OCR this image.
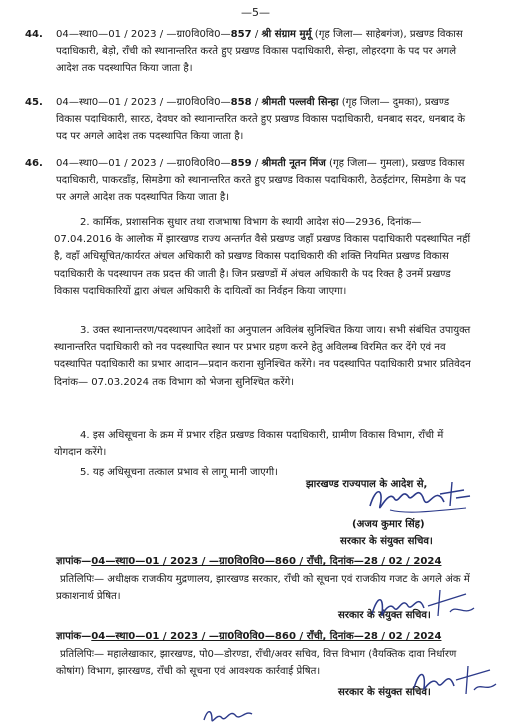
—5—
44. 04—स्था0—01 / 2023 / —ग्रा0वि0वि0—857 / श्री संग्राम मुर्मू (गृह जिला— साहेबगंज), प्रखण्ड विकास पदाधिकारी, बेड़ो, राँची को स्थानान्तरित करते हुए प्रखण्ड विकास पदाधिकारी, सेन्हा, लोहरदगा के पद पर अगले आदेश तक पदस्थापित किया जाता है।
45. 04—स्था0—01 / 2023 / —ग्रा0वि0वि0—858 / श्रीमती पल्लवी सिन्हा (गृह जिला— दुमका), प्रखण्ड विकास पदाधिकारी, सारठ, देवघर को स्थानान्तरित करते हुए प्रखण्ड विकास पदाधिकारी, धनबाद सदर, धनबाद के पद पर अगले आदेश तक पदस्थापित किया जाता है।
46. 04—स्था0—01 / 2023 / —ग्रा0वि0वि0—859 / श्रीमती नूतन मिंज (गृह जिला— गुमला), प्रखण्ड विकास पदाधिकारी, पाकरडाँड़, सिमडेगा को स्थानान्तरित करते हुए प्रखण्ड विकास पदाधिकारी, ठेठईटांगर, सिमडेगा के पद पर अगले आदेश तक पदस्थापित किया जाता है।
2. कार्मिक, प्रशासनिक सुधार तथा राजभाषा विभाग के स्थायी आदेश सं0—2936, दिनांक—07.04.2016 के आलोक में झारखण्ड राज्य अन्तर्गत वैसे प्रखण्ड जहाँ प्रखण्ड विकास पदाधिकारी पदस्थापित नहीं है, वहाँ अधिसूचित/कार्यरत अंचल अधिकारी को प्रखण्ड विकास पदाधिकारी की शक्ति नियमित प्रखण्ड विकास पदाधिकारी के पदस्थापन तक प्रदत्त की जाती है। जिन प्रखण्डों में अंचल अधिकारी के पद रिक्त है उनमें प्रखण्ड विकास पदाधिकारियों द्वारा अंचल अधिकारी के दायित्वों का निर्वहन किया जाएगा।
3. उक्त स्थानान्तरण/पदस्थापन आदेशों का अनुपालन अविलंब सुनिश्चित किया जाय। सभी संबंधित उपायुक्त स्थानान्तरित पदाधिकारी को नव पदस्थापित स्थान पर प्रभार ग्रहण करने हेतु अविलम्ब विरमित कर देंगे एवं नव पदस्थापित पदाधिकारी का प्रभार आदान—प्रदान कराना सुनिश्चित करेंगे। नव पदस्थापित पदाधिकारी प्रभार प्रतिवेदन दिनांक— 07.03.2024 तक विभाग को भेजना सुनिश्चित करेंगे।
4. इस अधिसूचना के क्रम में प्रभार रहित प्रखण्ड विकास पदाधिकारी, ग्रामीण विकास विभाग, राँची में योगदान करेंगे।
5. यह अधिसूचना तत्काल प्रभाव से लागू मानी जाएगी।
झारखण्ड राज्यपाल के आदेश से,
(अजय कुमार सिंह)
सरकार के संयुक्त सचिव।
ज्ञापांक—04—स्था0—01 / 2023 / —ग्रा0वि0वि0—860 / राँची, दिनांक—28 / 02 / 2024
प्रतिलिपिः— अधीक्षक राजकीय मुद्रणालय, झारखण्ड सरकार, राँची को सूचना एवं राजकीय गजट के अगले अंक में प्रकाशनार्थ प्रेषित।
सरकार के संयुक्त सचिव।
ज्ञापांक—04—स्था0—01 / 2023 / —ग्रा0वि0वि0—860 / राँची, दिनांक—28 / 02 / 2024
प्रतिलिपिः— महालेखाकार, झारखण्ड, पो0—डोरण्डा, राँची/अवर सचिव, वित्त विभाग (वैयक्तिक दावा निर्धारण कोषांग) विभाग, झारखण्ड, राँची को सूचना एवं आवश्यक कार्रवाई प्रेषित।
सरकार के संयुक्त सचिव।
